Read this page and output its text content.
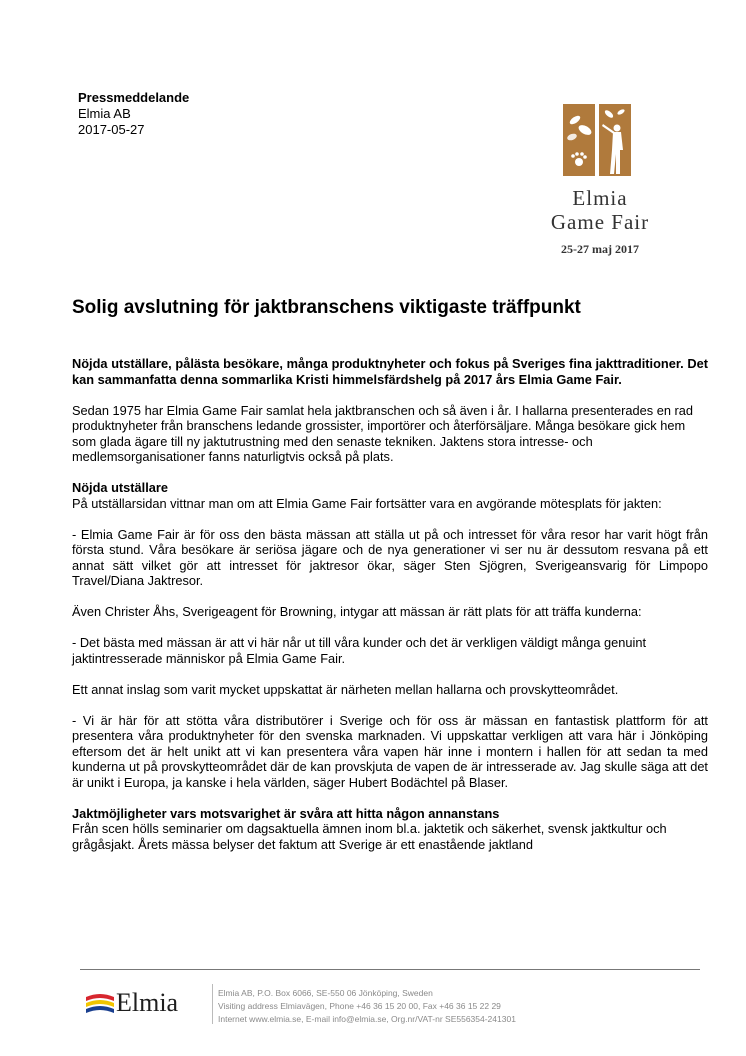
Pressmeddelande
Elmia AB
2017-05-27
Elmia
Game Fair
25-27 maj 2017
Solig avslutning för jaktbranschens viktigaste träffpunkt

Nöjda utställare, pålästa besökare, många produktnyheter och fokus på Sveriges fina jakttraditioner. Det kan sammanfatta denna sommarlika Kristi himmelsfärdshelg på 2017 års Elmia Game Fair.

Sedan 1975 har Elmia Game Fair samlat hela jaktbranschen och så även i år. I hallarna presenterades en rad produktnyheter från branschens ledande grossister, importörer och återförsäljare. Många besökare gick hem som glada ägare till ny jaktutrustning med den senaste tekniken. Jaktens stora intresse- och medlemsorganisationer fanns naturligtvis också på plats.

Nöjda utställare
På utställarsidan vittnar man om att Elmia Game Fair fortsätter vara en avgörande mötesplats för jakten:

- Elmia Game Fair är för oss den bästa mässan att ställa ut på och intresset för våra resor har varit högt från första stund. Våra besökare är seriösa jägare och de nya generationer vi ser nu är dessutom resvana på ett annat sätt vilket gör att intresset för jaktresor ökar, säger Sten Sjögren, Sverigeansvarig för Limpopo Travel/Diana Jaktresor.

Även Christer Åhs, Sverigeagent för Browning, intygar att mässan är rätt plats för att träffa kunderna:

- Det bästa med mässan är att vi här når ut till våra kunder och det är verkligen väldigt många genuint jaktintresserade människor på Elmia Game Fair.

Ett annat inslag som varit mycket uppskattat är närheten mellan hallarna och provskytteområdet.

- Vi är här för att stötta våra distributörer i Sverige och för oss är mässan en fantastisk plattform för att presentera våra produktnyheter för den svenska marknaden. Vi uppskattar verkligen att vara här i Jönköping eftersom det är helt unikt att vi kan presentera våra vapen här inne i montern i hallen för att sedan ta med kunderna ut på provskytteområdet där de kan provskjuta de vapen de är intresserade av. Jag skulle säga att det är unikt i Europa, ja kanske i hela världen, säger Hubert Bodächtel på Blaser.

Jaktmöjligheter vars motsvarighet är svåra att hitta någon annanstans
Från scen hölls seminarier om dagsaktuella ämnen inom bl.a. jaktetik och säkerhet, svensk jaktkultur och grågåsjakt. Årets mässa belyser det faktum att Sverige är ett enastående jaktland

Elmia	Elmia AB, P.O. Box 6066, SE-550 06 Jönköping, Sweden
Visiting address Elmiavägen, Phone +46 36 15 20 00, Fax +46 36 15 22 29
Internet www.elmia.se, E-mail info@elmia.se, Org.nr/VAT-nr SE556354-241301
